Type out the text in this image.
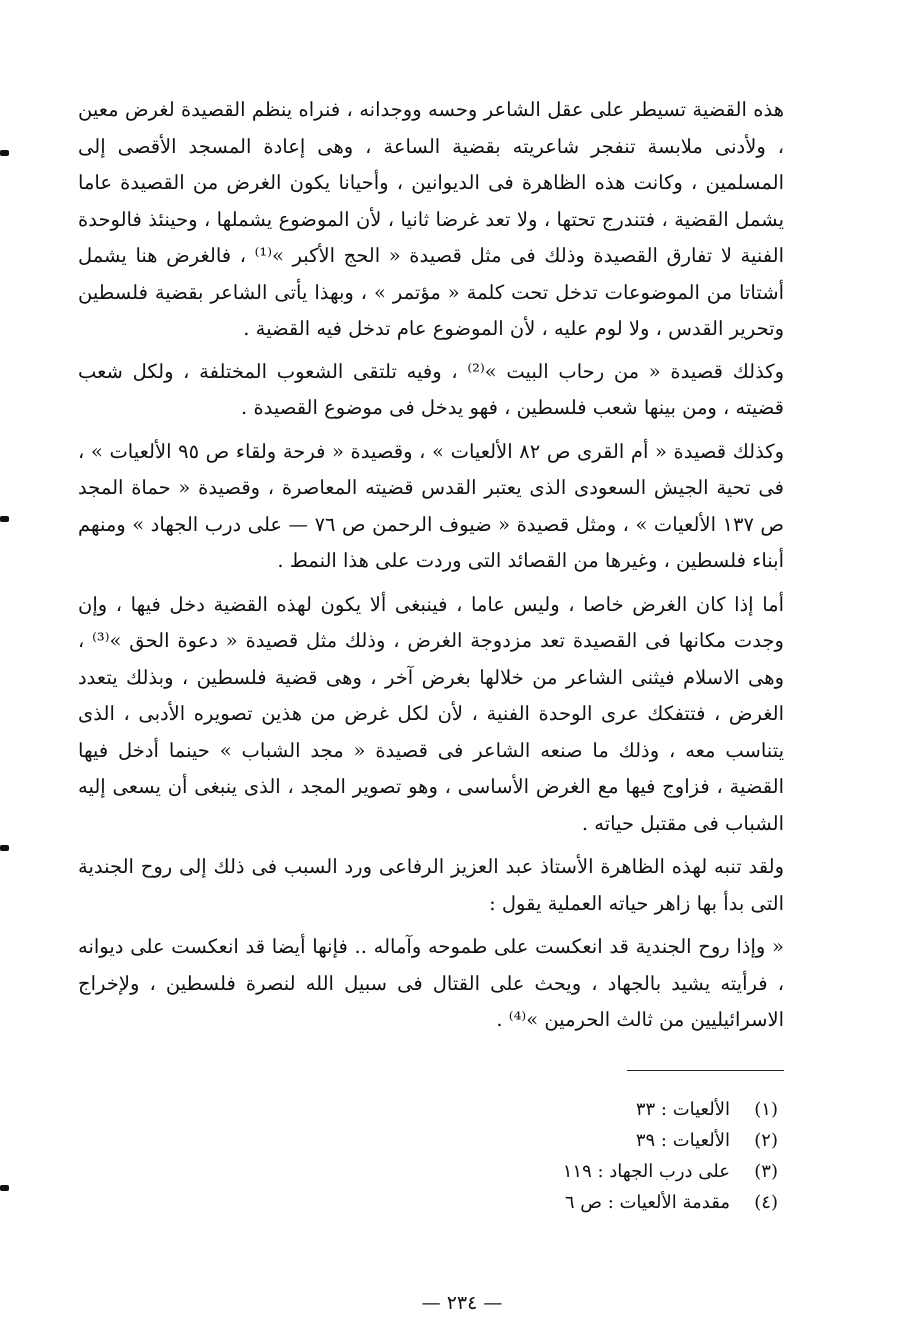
هذه القضية تسيطر على عقل الشاعر وحسه ووجدانه ، فنراه ينظم القصيدة لغرض معين ، ولأدنى ملابسة تنفجر شاعريته بقضية الساعة ، وهى إعادة المسجد الأقصى إلى المسلمين ، وكانت هذه الظاهرة فى الديوانين ، وأحيانا يكون الغرض من القصيدة عاما يشمل القضية ، فتندرج تحتها ، ولا تعد غرضا ثانيا ، لأن الموضوع يشملها ، وحينئذ فالوحدة الفنية لا تفارق القصيدة وذلك فى مثل قصيدة « الحج الأكبر »⁽¹⁾ ، فالغرض هنا يشمل أشتاتا من الموضوعات تدخل تحت كلمة « مؤتمر » ، وبهذا يأتى الشاعر بقضية فلسطين وتحرير القدس ، ولا لوم عليه ، لأن الموضوع عام تدخل فيه القضية .

وكذلك قصيدة « من رحاب البيت »⁽²⁾ ، وفيه تلتقى الشعوب المختلفة ، ولكل شعب قضيته ، ومن بينها شعب فلسطين ، فهو يدخل فى موضوع القصيدة .

وكذلك قصيدة « أم القرى ص ٨٢ الألعيات » ، وقصيدة « فرحة ولقاء ص ٩٥ الألعيات » ، فى تحية الجيش السعودى الذى يعتبر القدس قضيته المعاصرة ، وقصيدة « حماة المجد ص ١٣٧ الألعيات » ، ومثل قصيدة « ضيوف الرحمن ص ٧٦ — على درب الجهاد » ومنهم أبناء فلسطين ، وغيرها من القصائد التى وردت على هذا النمط .

أما إذا كان الغرض خاصا ، وليس عاما ، فينبغى ألا يكون لهذه القضية دخل فيها ، وإن وجدت مكانها فى القصيدة تعد مزدوجة الغرض ، وذلك مثل قصيدة « دعوة الحق »⁽³⁾ ، وهى الاسلام فيثنى الشاعر من خلالها بغرض آخر ، وهى قضية فلسطين ، وبذلك يتعدد الغرض ، فتتفكك عرى الوحدة الفنية ، لأن لكل غرض من هذين تصويره الأدبى ، الذى يتناسب معه ، وذلك ما صنعه الشاعر فى قصيدة « مجد الشباب » حينما أدخل فيها القضية ، فزاوج فيها مع الغرض الأساسى ، وهو تصوير المجد ، الذى ينبغى أن يسعى إليه الشباب فى مقتبل حياته .

ولقد تنبه لهذه الظاهرة الأستاذ عبد العزيز الرفاعى ورد السبب فى ذلك إلى روح الجندية التى بدأ بها زاهر حياته العملية يقول :

« وإذا روح الجندية قد انعكست على طموحه وآماله .. فإنها أيضا قد انعكست على ديوانه ، فرأيته يشيد بالجهاد ، ويحث على القتال فى سبيل الله لنصرة فلسطين ، ولإخراج الاسرائيليين من ثالث الحرمين »⁽⁴⁾ .

(١)
الألعيات : ٣٣
(٢)
الألعيات : ٣٩
(٣)
على درب الجهاد : ١١٩
(٤)
مقدمة الألعيات : ص ٦
— ٢٣٤ —
